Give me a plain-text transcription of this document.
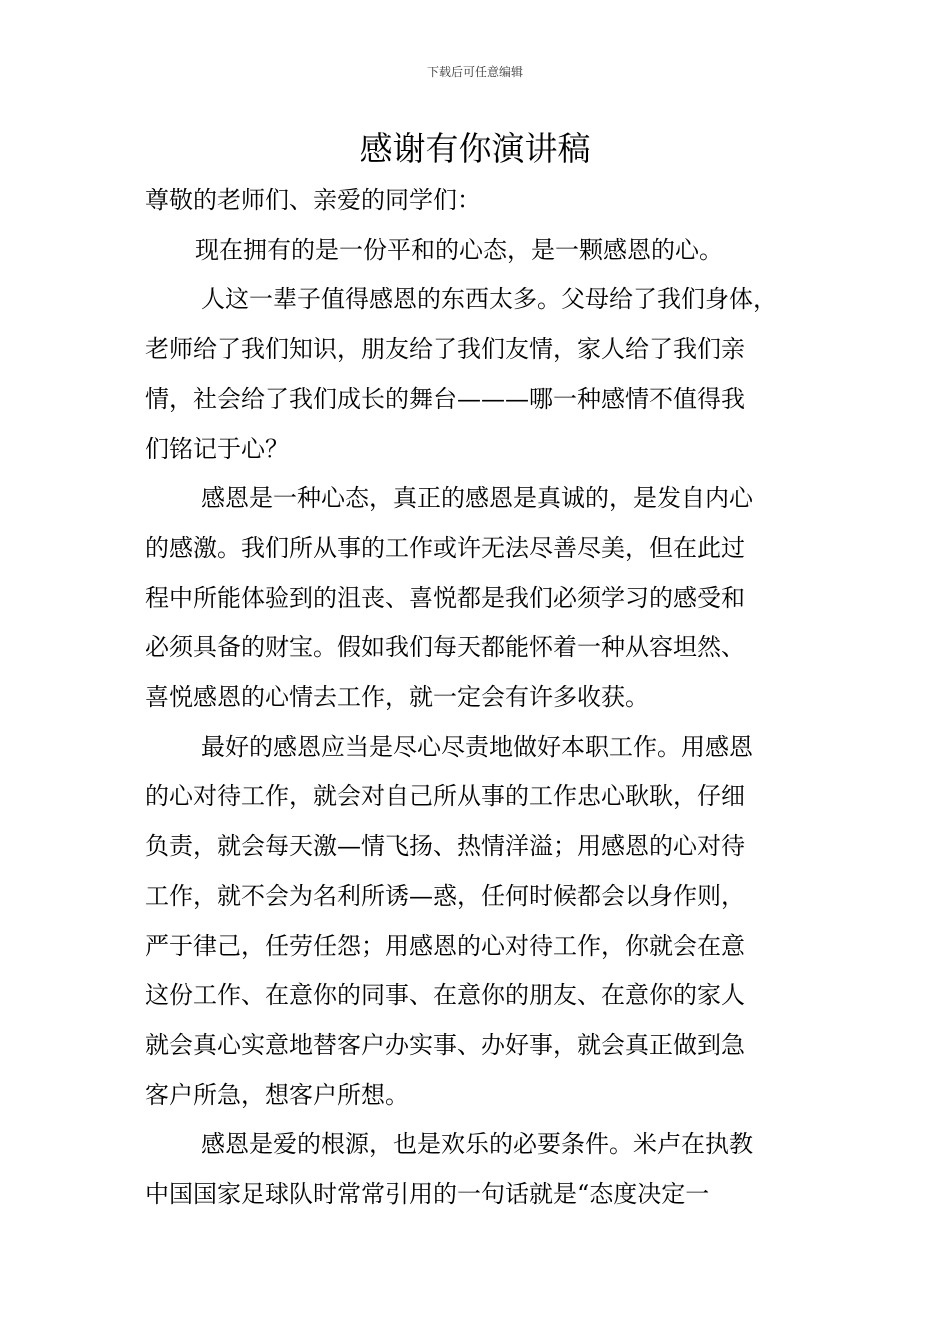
下载后可任意编辑
感谢有你演讲稿

尊敬的老师们、亲爱的同学们：

现在拥有的是一份平和的心态，是一颗感恩的心。

人这一辈子值得感恩的东西太多。父母给了我们身体，
老师给了我们知识，朋友给了我们友情，家人给了我们亲
情，社会给了我们成长的舞台———哪一种感情不值得我
们铭记于心？

感恩是一种心态，真正的感恩是真诚的，是发自内心
的感激。我们所从事的工作或许无法尽善尽美，但在此过
程中所能体验到的沮丧、喜悦都是我们必须学习的感受和
必须具备的财宝。假如我们每天都能怀着一种从容坦然、
喜悦感恩的心情去工作，就一定会有许多收获。

最好的感恩应当是尽心尽责地做好本职工作。用感恩
的心对待工作，就会对自己所从事的工作忠心耿耿，仔细
负责，就会每天激—情飞扬、热情洋溢；用感恩的心对待
工作，就不会为名利所诱—惑，任何时候都会以身作则，
严于律己，任劳任怨；用感恩的心对待工作，你就会在意
这份工作、在意你的同事、在意你的朋友、在意你的家人
就会真心实意地替客户办实事、办好事，就会真正做到急
客户所急，想客户所想。

感恩是爱的根源，也是欢乐的必要条件。米卢在执教
中国国家足球队时常常引用的一句话就是“态度决定一
